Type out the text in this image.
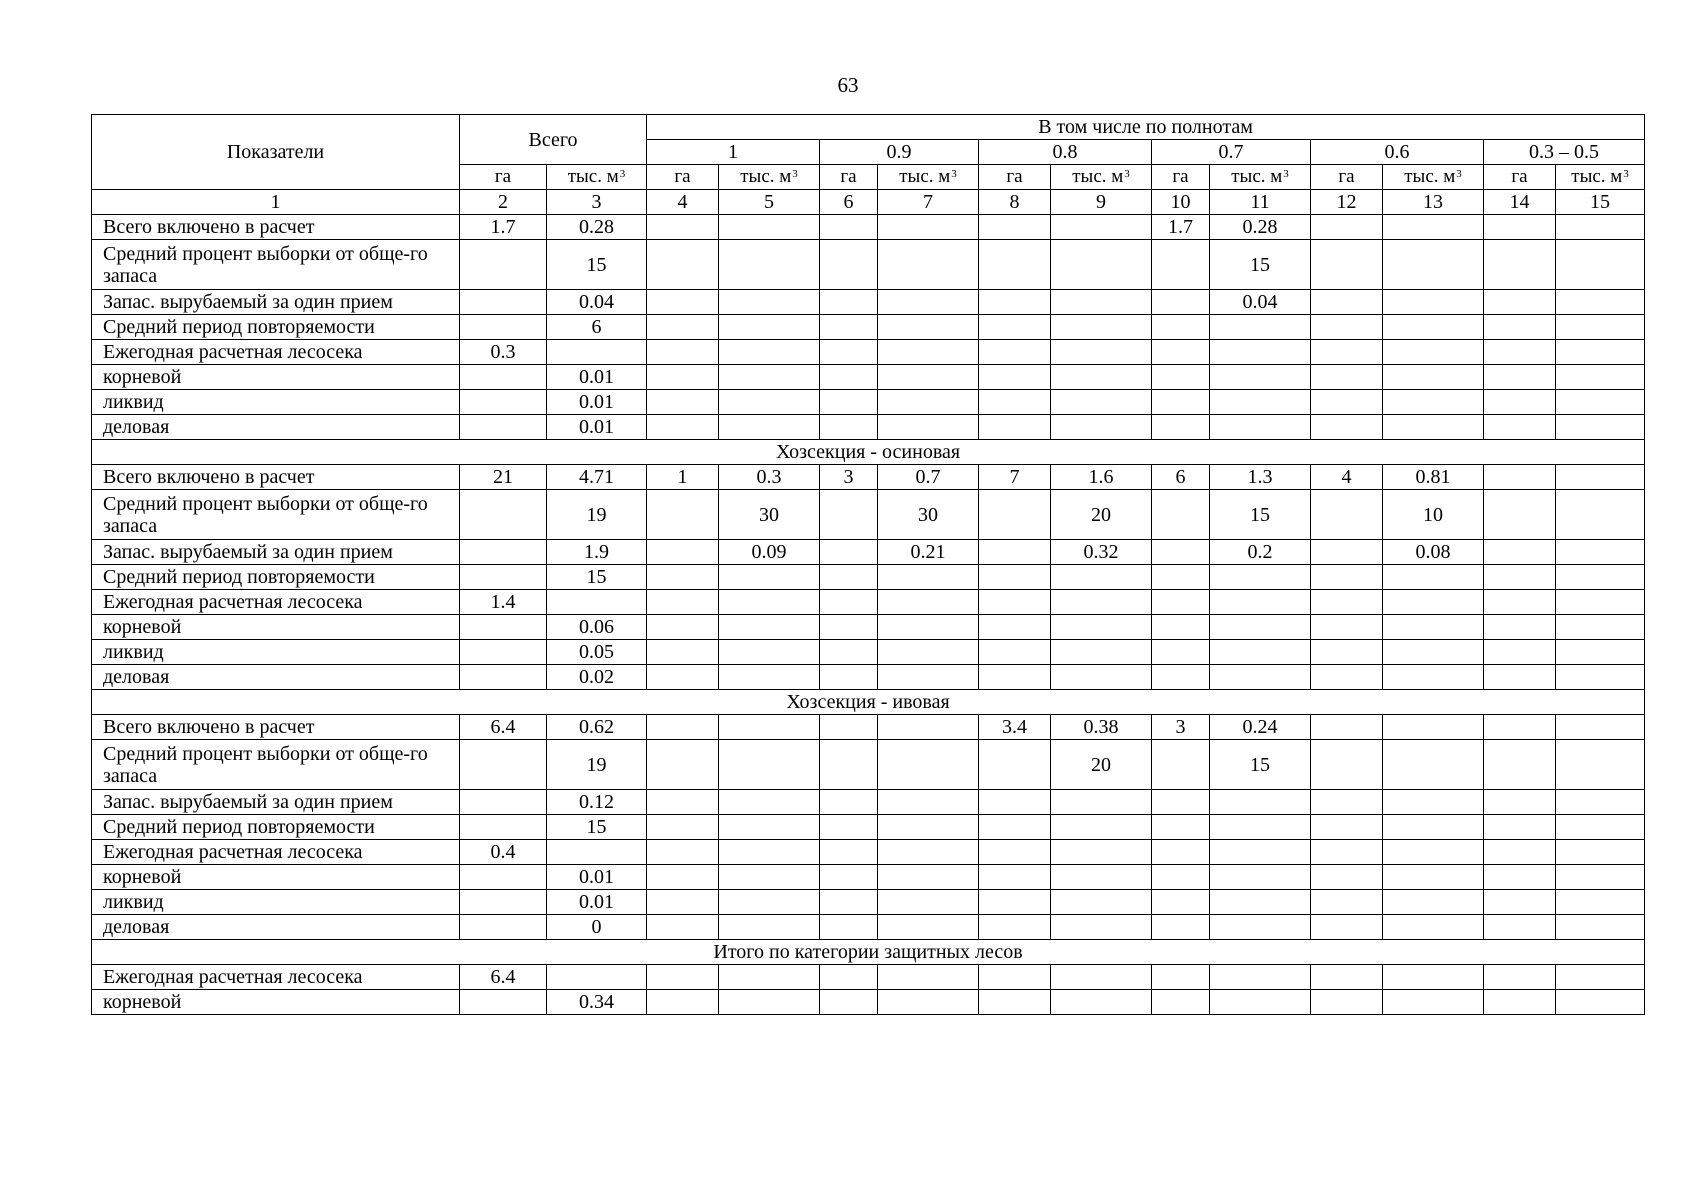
63
Показатели	Всего		В том числе по полнотам											
			1		0.9		0.8		0.7		0.6		0.3 – 0.5	
	га	тыс. $м^3$	га	тыс. $м^3$	га	тыс. $м^3$	га	тыс. $м^3$	га	тыс. $м^3$	га	тыс. $м^3$	га	тыс. $м^3$
1	2	3	4	5	6	7	8	9	10	11	12	13	14	15
Всего включено в расчет	1.7	0.28							1.7	0.28				
Средний процент выборки от обще-го запаса		15								15				
Запас. вырубаемый за один прием		0.04								0.04				
Средний период повторяемости		6												
Ежегодная расчетная лесосека	0.3													
корневой		0.01												
ликвид		0.01												
деловая		0.01												
Хозсекция - осиновая														
Всего включено в расчет	21	4.71	1	0.3	3	0.7	7	1.6	6	1.3	4	0.81		
Средний процент выборки от обще-го запаса		19		30		30		20		15		10		
Запас. вырубаемый за один прием		1.9		0.09		0.21		0.32		0.2		0.08		
Средний период повторяемости		15												
Ежегодная расчетная лесосека	1.4													
корневой		0.06												
ликвид		0.05												
деловая		0.02												
Хозсекция - ивовая														
Всего включено в расчет	6.4	0.62					3.4	0.38	3	0.24				
Средний процент выборки от обще-го запаса		19						20		15				
Запас. вырубаемый за один прием		0.12												
Средний период повторяемости		15												
Ежегодная расчетная лесосека	0.4													
корневой		0.01												
ликвид		0.01												
деловая		0												
Итого по категории защитных лесов														
Ежегодная расчетная лесосека	6.4													
корневой		0.34												
